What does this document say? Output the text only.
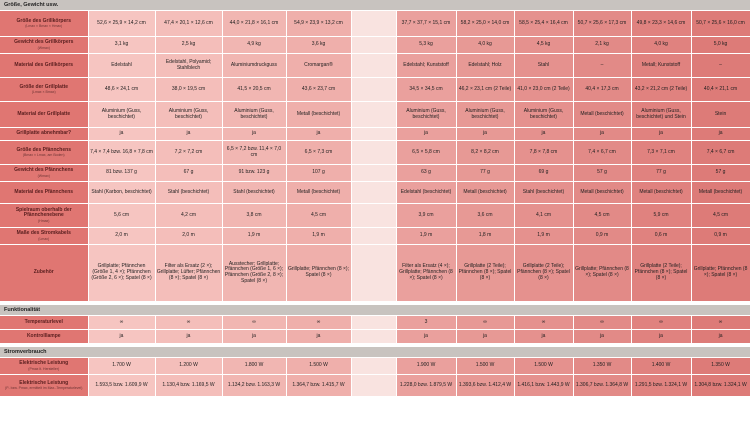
Größe, Gewicht usw.											
Größe des Grillkörpers
(Lmax × Bmax × Hmax)	52,6 × 25,9 × 14,2 cm	47,4 × 20,1 × 12,6 cm	44,0 × 21,8 × 16,1 cm	54,9 × 23,9 × 13,2 cm		37,7 × 37,7 × 15,1 cm	58,2 × 25,0 × 14,0 cm	58,5 × 25,4 × 16,4 cm	50,7 × 25,6 × 17,3 cm	49,8 × 23,3 × 14,6 cm	50,7 × 25,6 × 16,0 cm
Gewicht des Grillkörpers
(Wmax)	3,1 kg	2,5 kg	4,9 kg	3,6 kg		5,3 kg	4,0 kg	4,5 kg	2,1 kg	4,0 kg	5,0 kg
Material des Grillkörpers	Edelstahl	Edelstahl, Polyamid; Stahlblech	Aluminiumdruckguss	Cromargan®		Edelstahl; Kunststoff	Edelstahl; Holz	Stahl	–	Metall; Kunststoff	–
Größe der Grillplatte
(Lmax × Bmax)	48,6 × 24,1 cm	38,0 × 19,5 cm	41,5 × 20,5 cm	43,6 × 23,7 cm		34,5 × 34,5 cm	46,2 × 23,1 cm (2 Teile)	41,0 × 23,0 cm (2 Teile)	40,4 × 17,3 cm	43,2 × 21,2 cm (2 Teile)	40,4 × 21,1 cm
Material der Grillplatte	Aluminium (Guss, beschichtet)	Aluminium (Guss, beschichtet)	Aluminium (Guss, beschichtet)	Metall (beschichtet)		Aluminium (Guss, beschichtet)	Aluminium (Guss, beschichtet)	Aluminium (Guss, beschichtet)	Metall (beschichtet)	Aluminium (Guss, beschichtet) und Stein	Stein
Grillplatte abnehmbar?	ja	ja	ja	ja		ja	ja	ja	ja	ja	ja
Größe des Pfännchens
(Bmax × Lmax, am Boden)	7,4 × 7,4 bzw. 16,8 × 7,8 cm	7,2 × 7,2 cm	6,5 × 7,2 bzw. 11,4 × 7,0 cm	6,5 × 7,3 cm		6,5 × 5,8 cm	8,2 × 8,2 cm	7,8 × 7,8 cm	7,4 × 6,7 cm	7,3 × 7,1 cm	7,4 × 6,7 cm
Gewicht des Pfännchens
(Wmax)	81 bzw. 137 g	67 g	91 bzw. 123 g	107 g		63 g	77 g	69 g	57 g	77 g	57 g
Material des Pfännchens	Stahl (Karbon, beschichtet)	Stahl (beschichtet)	Stahl (beschichtet)	Metall (beschichtet)		Edelstahl (beschichtet)	Metall (beschichtet)	Stahl (beschichtet)	Metall (beschichtet)	Metall (beschichtet)	Metall (beschichtet)
Spielraum oberhalb der Pfännchenebene
(Hmax)	5,6 cm	4,2 cm	3,8 cm	4,5 cm		3,9 cm	3,6 cm	4,1 cm	4,5 cm	5,9 cm	4,5 cm
Maße des Stromkabels
(Lmax)	2,0 m	2,0 m	1,9 m	1,9 m		1,9 m	1,8 m	1,9 m	0,9 m	0,6 m	0,9 m
Zubehör	Grillplatte; Pfännchen (Größe 1, 4 ×); Pfännchen (Größe 2, 6 ×); Spatel (8 ×)	Filter als Ersatz (2 ×); Grillplatte; Lüfter; Pfännchen (8 ×); Spatel (8 ×)	Ausstecher; Grillplatte; Pfännchen (Größe 1, 6 ×); Pfännchen (Größe 2, 8 ×); Spatel (8 ×)	Grillplatte; Pfännchen (8 ×); Spatel (8 ×)		Filter als Ersatz (4 ×); Grillplatte; Pfännchen (8 ×); Spatel (8 ×)	Grillplatte (2 Teile); Pfännchen (8 ×); Spatel (8 ×)	Grillplatte (2 Teile); Pfännchen (8 ×); Spatel (8 ×)	Grillplatte; Pfännchen (8 ×); Spatel (8 ×)	Grillplatte (2 Teile); Pfännchen (8 ×); Spatel (8 ×)	Grillplatte; Pfännchen (8 ×); Spatel (8 ×)

Funktionalität											
Temperaturlevel	∞	∞	∞	∞		3	∞	∞	∞	∞	∞
Kontrolllampe	ja	ja	ja	ja		ja	ja	ja	ja	ja	ja

Stromverbrauch											
Elektrische Leistung
(Pmax lt. Hersteller)	1.700 W	1.200 W	1.800 W	1.500 W		1.900 W	1.500 W	1.500 W	1.350 W	1.400 W	1.350 W
Elektrische Leistung
(P- bzw. Pmax, ermittelt im Max.-Temperaturlevel)	1.593,5 bzw. 1.609,9 W	1.130,4 bzw. 1.169,5 W	1.134,2 bzw. 1.163,3 W	1.364,7 bzw. 1.415,7 W		1.228,0 bzw. 1.879,5 W	1.393,6 bzw. 1.412,4 W	1.416,1 bzw. 1.443,9 W	1.306,7 bzw. 1.364,8 W	1.291,5 bzw. 1.324,1 W	1.304,8 bzw. 1.324,1 W
